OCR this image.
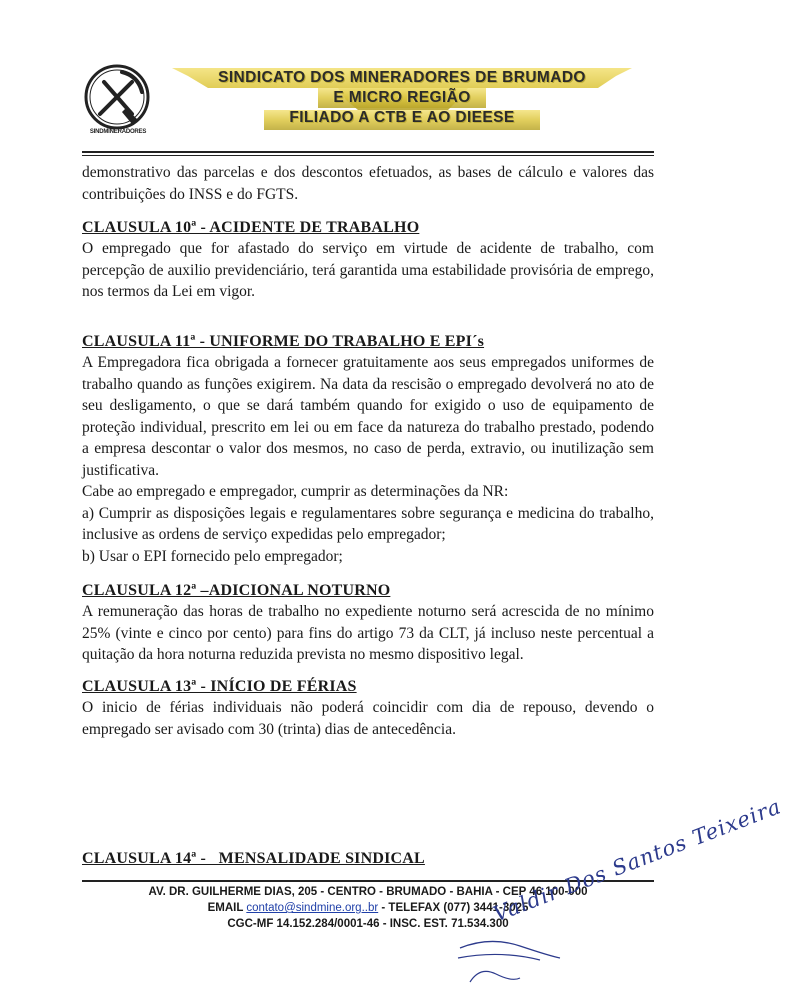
SINDMINERADORES
SINDICATO DOS MINERADORES DE BRUMADO
E MICRO REGIÃO
FILIADO A CTB E AO DIEESE

demonstrativo das parcelas e dos descontos efetuados, as bases de cálculo e valores das contribuições do INSS e do FGTS.

CLAUSULA 10ª - ACIDENTE DE TRABALHO

O empregado que for afastado do serviço em virtude de acidente de trabalho, com percepção de auxilio previdenciário, terá garantida uma estabilidade provisória de emprego, nos termos da Lei em vigor.

CLAUSULA 11ª - UNIFORME DO TRABALHO E EPI´s

A Empregadora fica obrigada a fornecer gratuitamente aos seus empregados uniformes de trabalho quando as funções exigirem. Na data da rescisão o empregado devolverá no ato de seu desligamento, o que se dará também quando for exigido o uso de equipamento de proteção individual, prescrito em lei ou em face da natureza do trabalho prestado, podendo a empresa descontar o valor dos mesmos, no caso de perda, extravio, ou inutilização sem justificativa.

Cabe ao empregado e empregador, cumprir as determinações da NR:

a) Cumprir as disposições legais e regulamentares sobre segurança e medicina do trabalho, inclusive as ordens de serviço expedidas pelo empregador;

b) Usar o EPI fornecido pelo empregador;

CLAUSULA 12ª –ADICIONAL NOTURNO

A remuneração das horas de trabalho no expediente noturno será acrescida de no mínimo 25% (vinte e cinco por cento) para fins do artigo 73 da CLT, já incluso neste percentual a quitação da hora noturna reduzida prevista no mesmo dispositivo legal.

CLAUSULA 13ª - INÍCIO DE FÉRIAS

O inicio de férias individuais não poderá coincidir com dia de repouso, devendo o empregado ser avisado com 30 (trinta) dias de antecedência.

CLAUSULA 14ª -   MENSALIDADE SINDICAL
AV. DR. GUILHERME DIAS, 205 - CENTRO - BRUMADO - BAHIA - CEP 46.100-000
EMAIL contato@sindmine.org..br - TELEFAX (077) 3441-3025
CGC-MF 14.152.284/0001-46 - INSC. EST. 71.534.300
Valdir Dos Santos Teixeira
